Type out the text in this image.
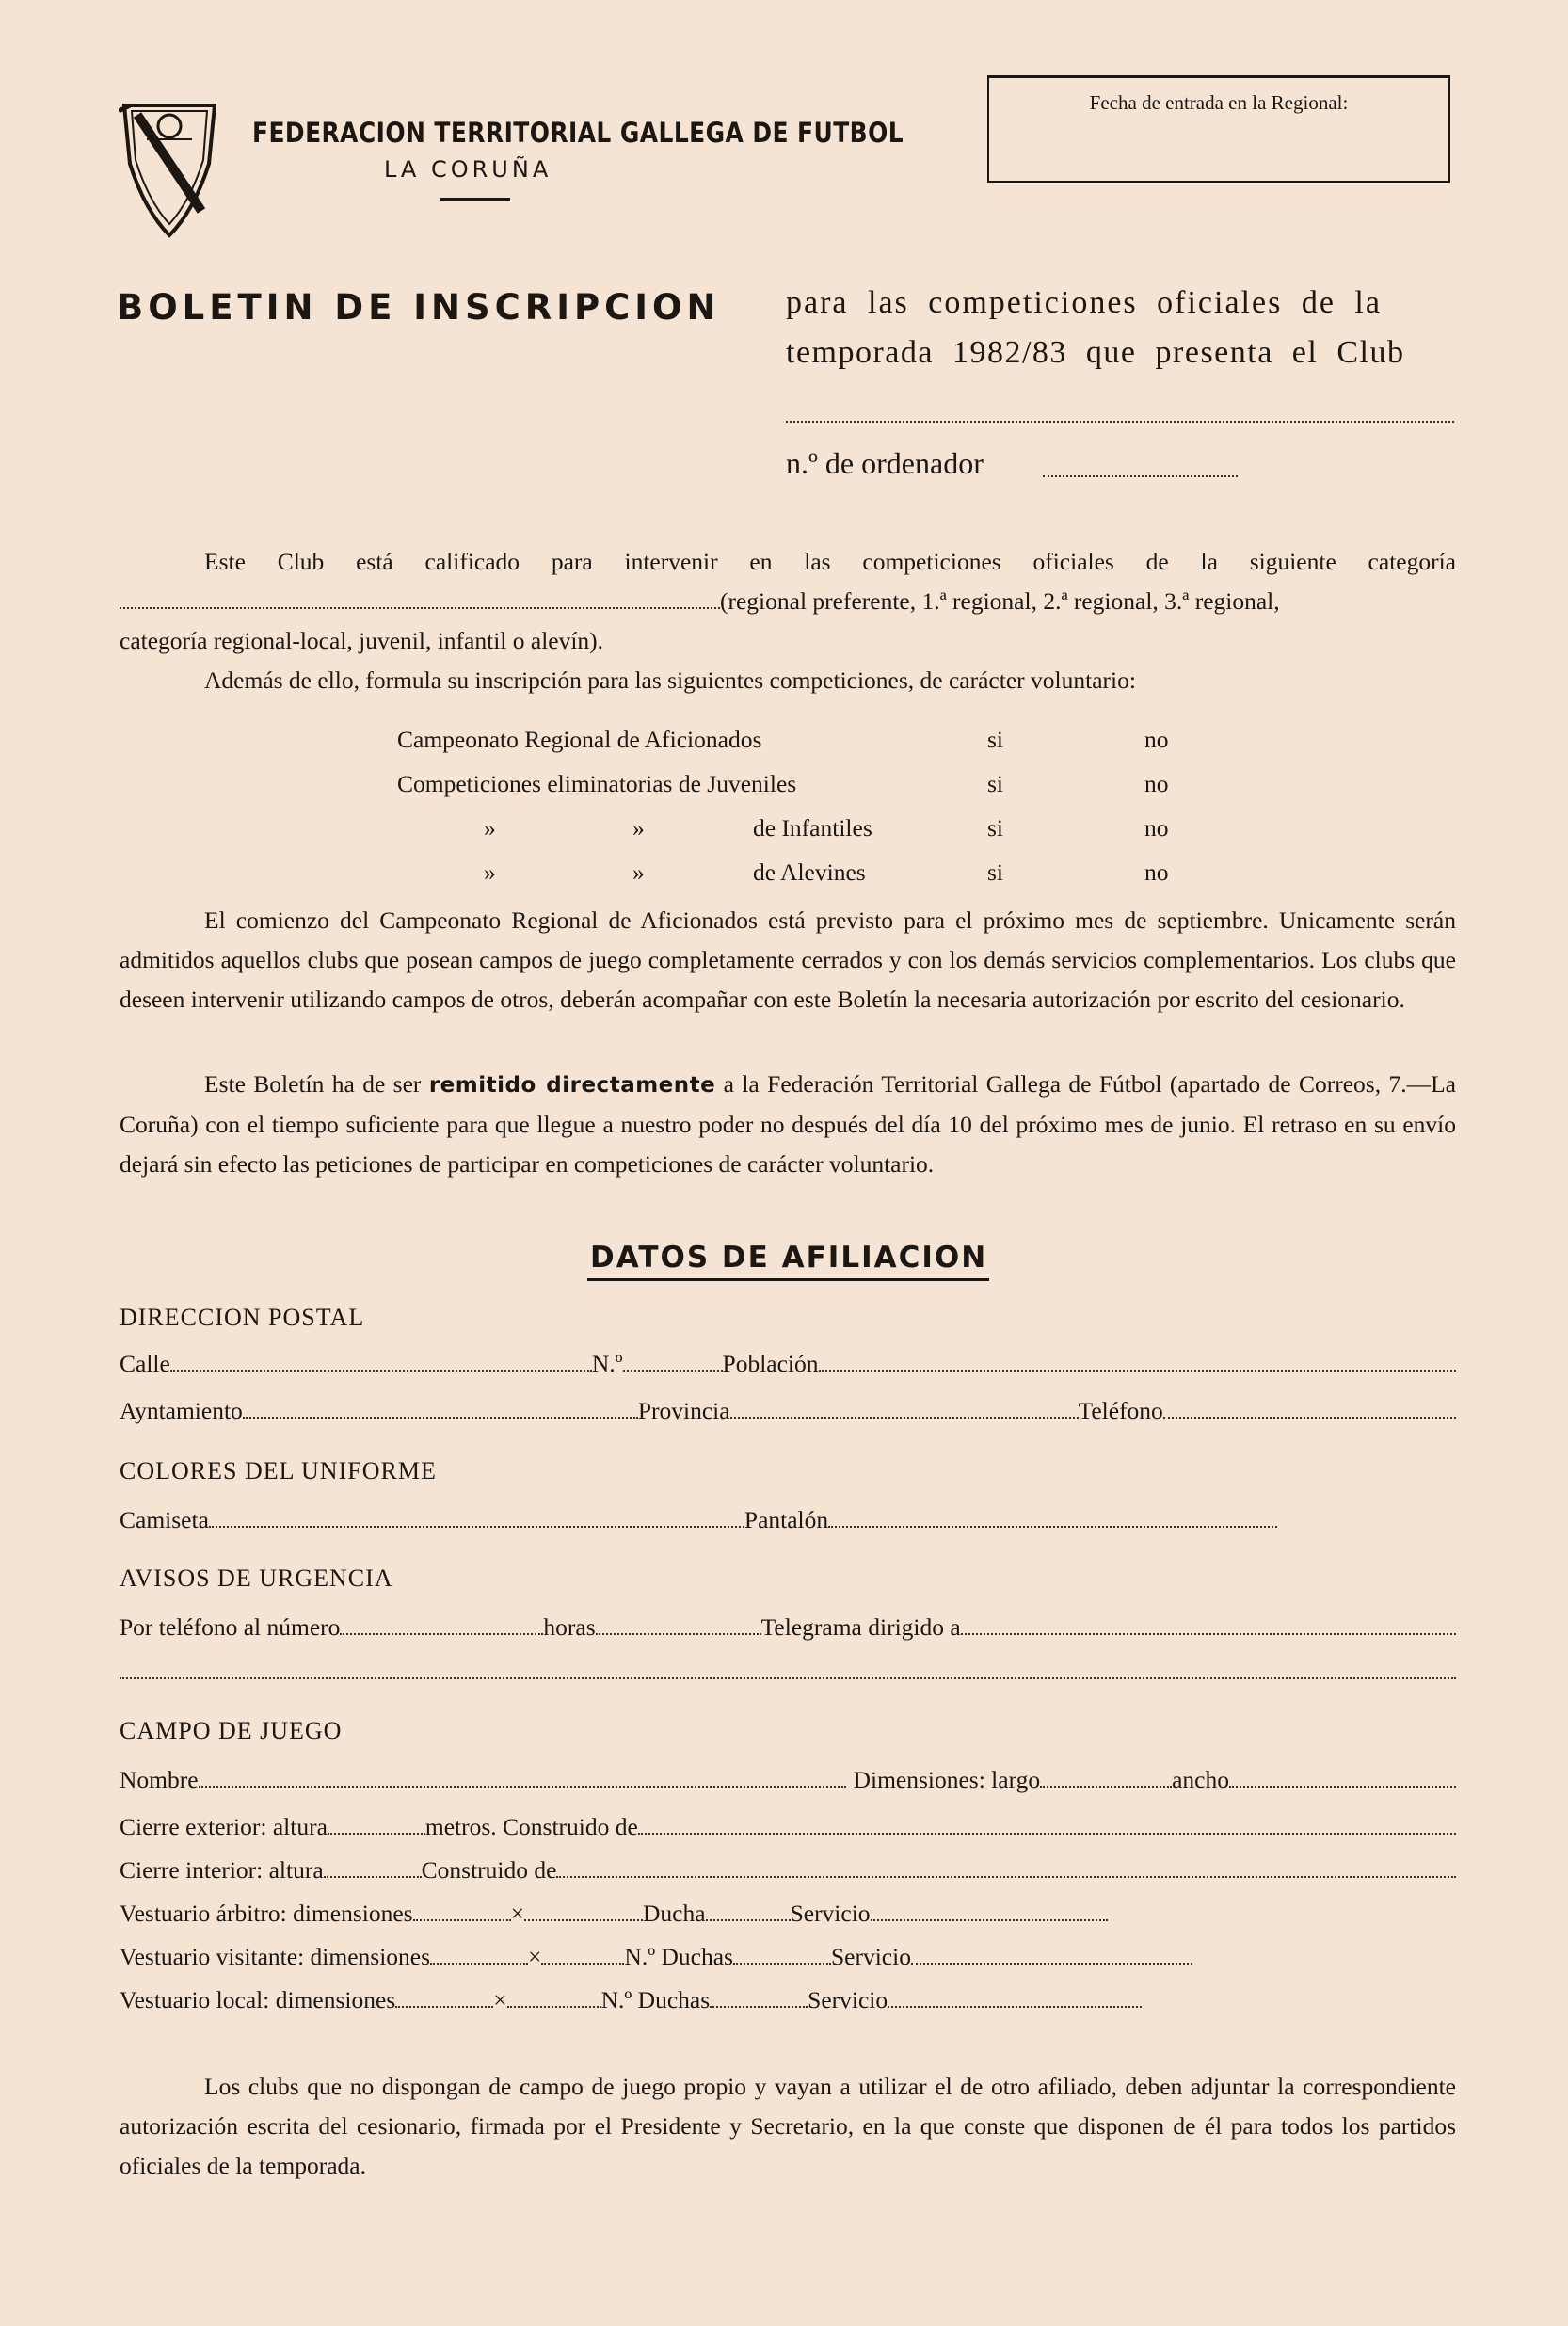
FEDERACION TERRITORIAL GALLEGA DE FUTBOL
LA CORUÑA
Fecha de entrada en la Regional:
BOLETIN DE INSCRIPCION para las competiciones oficiales de la
temporada 1982/83 que presenta el Club
n.º de ordenador
Este Club está calificado para intervenir en las competiciones oficiales de la siguiente categoría
(regional preferente, 1.ª regional, 2.ª regional, 3.ª regional,
categoría regional-local, juvenil, infantil o alevín).
Además de ello, formula su inscripción para las siguientes competiciones, de carácter voluntario:
Campeonato Regional de Aficionados	si	no
Competiciones eliminatorias de Juveniles	si	no
»	»	de Infantiles	si	no
»	»	de Alevines	si	no
El comienzo del Campeonato Regional de Aficionados está previsto para el próximo mes de septiembre. Unicamente serán admitidos aquellos clubs que posean campos de juego completamente cerrados y con los demás servicios complementarios. Los clubs que deseen intervenir utilizando campos de otros, deberán acompañar con este Boletín la necesaria autorización por escrito del cesionario.
Este Boletín ha de ser remitido directamente a la Federación Territorial Gallega de Fútbol (apartado de Correos, 7.—La Coruña) con el tiempo suficiente para que llegue a nuestro poder no después del día 10 del próximo mes de junio. El retraso en su envío dejará sin efecto las peticiones de participar en competiciones de carácter voluntario.
DATOS DE AFILIACION
DIRECCION POSTAL
Calle	N.º	Población
Ayntamiento	Provincia	Teléfono
COLORES DEL UNIFORME
Camiseta	Pantalón
AVISOS DE URGENCIA
Por teléfono al número	horas	Telegrama dirigido a
CAMPO DE JUEGO
Nombre	Dimensiones: largo	ancho
Cierre exterior: altura	metros. Construido de
Cierre interior: altura	Construido de
Vestuario árbitro: dimensiones	×	Ducha	Servicio
Vestuario visitante: dimensiones	×	N.º Duchas	Servicio
Vestuario local: dimensiones	×	N.º Duchas	Servicio
Los clubs que no dispongan de campo de juego propio y vayan a utilizar el de otro afiliado, deben adjuntar la correspondiente autorización escrita del cesionario, firmada por el Presidente y Secretario, en la que conste que disponen de él para todos los partidos oficiales de la temporada.
